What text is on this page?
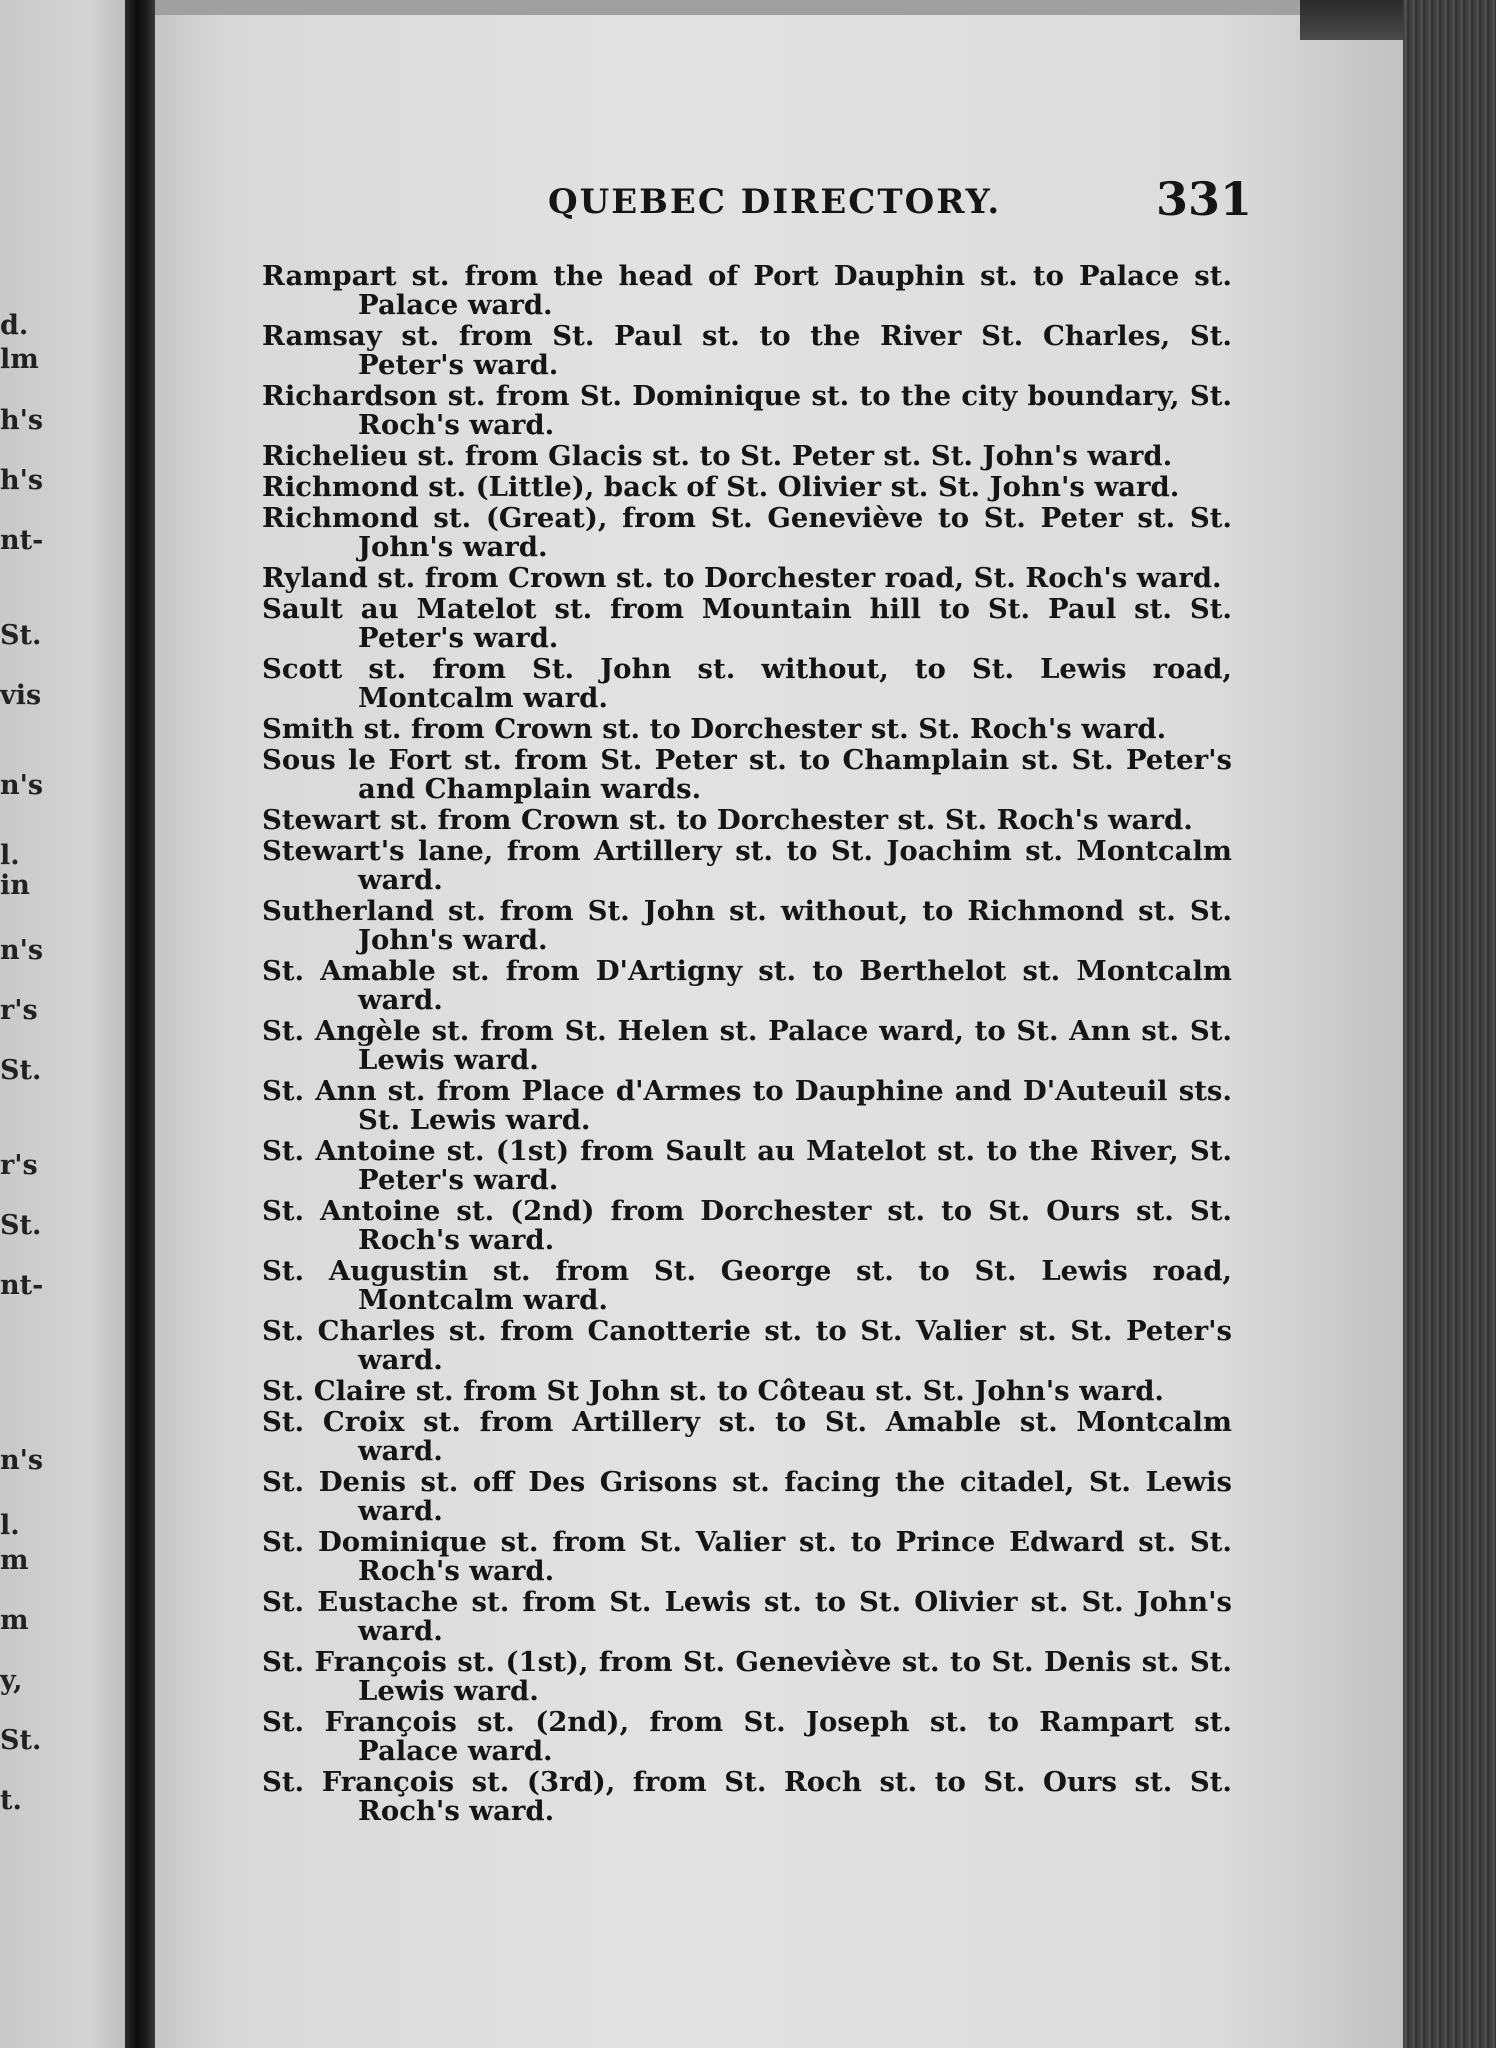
d.
lm
h's
h's
nt-
St.
vis
n's
l.
in
n's
r's
St.
r's
St.
nt-
n's
l.
m
m
y,
St.
t.
QUEBEC DIRECTORY.	331
Rampart st. from the head of Port Dauphin st. to Palace st. Palace ward.
Ramsay st. from St. Paul st. to the River St. Charles, St. Peter's ward.
Richardson st. from St. Dominique st. to the city boundary, St. Roch's ward.
Richelieu st. from Glacis st. to St. Peter st. St. John's ward.
Richmond st. (Little), back of St. Olivier st. St. John's ward.
Richmond st. (Great), from St. Geneviève to St. Peter st. St. John's ward.
Ryland st. from Crown st. to Dorchester road, St. Roch's ward.
Sault au Matelot st. from Mountain hill to St. Paul st. St. Peter's ward.
Scott st. from St. John st. without, to St. Lewis road, Montcalm ward.
Smith st. from Crown st. to Dorchester st. St. Roch's ward.
Sous le Fort st. from St. Peter st. to Champlain st. St. Peter's and Champlain wards.
Stewart st. from Crown st. to Dorchester st. St. Roch's ward.
Stewart's lane, from Artillery st. to St. Joachim st. Montcalm ward.
Sutherland st. from St. John st. without, to Richmond st. St. John's ward.
St. Amable st. from D'Artigny st. to Berthelot st. Montcalm ward.
St. Angèle st. from St. Helen st. Palace ward, to St. Ann st. St. Lewis ward.
St. Ann st. from Place d'Armes to Dauphine and D'Auteuil sts. St. Lewis ward.
St. Antoine st. (1st) from Sault au Matelot st. to the River, St. Peter's ward.
St. Antoine st. (2nd) from Dorchester st. to St. Ours st. St. Roch's ward.
St. Augustin st. from St. George st. to St. Lewis road, Montcalm ward.
St. Charles st. from Canotterie st. to St. Valier st. St. Peter's ward.
St. Claire st. from St John st. to Côteau st. St. John's ward.
St. Croix st. from Artillery st. to St. Amable st. Montcalm ward.
St. Denis st. off Des Grisons st. facing the citadel, St. Lewis ward.
St. Dominique st. from St. Valier st. to Prince Edward st. St. Roch's ward.
St. Eustache st. from St. Lewis st. to St. Olivier st. St. John's ward.
St. François st. (1st), from St. Geneviève st. to St. Denis st. St. Lewis ward.
St. François st. (2nd), from St. Joseph st. to Rampart st. Palace ward.
St. François st. (3rd), from St. Roch st. to St. Ours st. St. Roch's ward.
